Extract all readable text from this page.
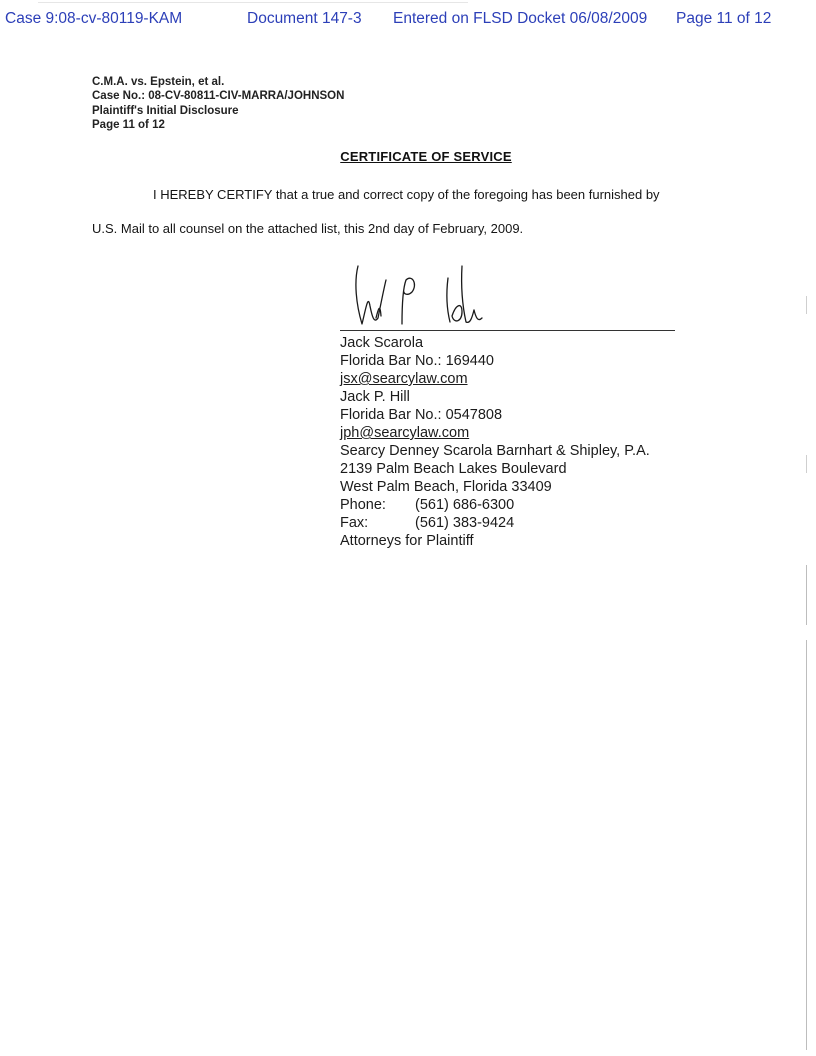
Case 9:08-cv-80119-KAM	Document 147-3 Entered on FLSD Docket 06/08/2009 Page 11 of 12
C.M.A. vs. Epstein, et al.
Case No.: 08-CV-80811-CIV-MARRA/JOHNSON
Plaintiff's Initial Disclosure
Page 11 of 12
CERTIFICATE OF SERVICE
I HEREBY CERTIFY that a true and correct copy of the foregoing has been furnished by
U.S. Mail to all counsel on the attached list, this 2nd day of February, 2009.
Jack Scarola
Florida Bar No.: 169440
jsx@searcylaw.com
Jack P. Hill
Florida Bar No.: 0547808
jph@searcylaw.com
Searcy Denney Scarola Barnhart & Shipley, P.A.
2139 Palm Beach Lakes Boulevard
West Palm Beach, Florida 33409
Phone: (561) 686-6300
Fax:	(561) 383-9424
Attorneys for Plaintiff
